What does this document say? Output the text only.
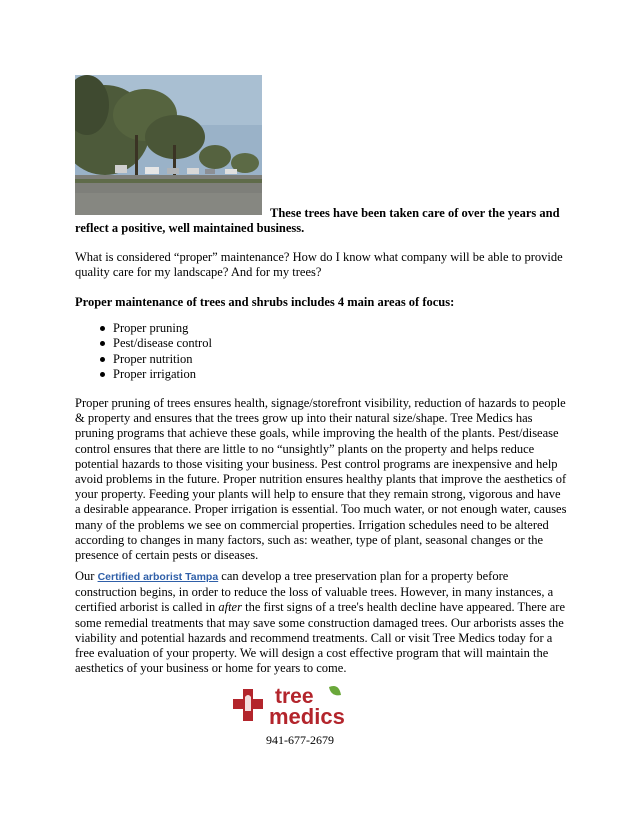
These trees have been taken care of over the years and
reflect a positive, well maintained business.

What is considered “proper” maintenance? How do I know what company will be able to provide quality care for my landscape? And for my trees?

Proper maintenance of trees and shrubs includes 4 main areas of focus:
Proper pruning
Pest/disease control
Proper nutrition
Proper irrigation

Proper pruning of trees ensures health, signage/storefront visibility, reduction of hazards to people & property and ensures that the trees grow up into their natural size/shape. Tree Medics has pruning programs that achieve these goals, while improving the health of the plants. Pest/disease control ensures that there are little to no “unsightly” plants on the property and helps reduce potential hazards to those visiting your business. Pest control programs are inexpensive and help avoid problems in the future. Proper nutrition ensures healthy plants that improve the aesthetics of your property. Feeding your plants will help to ensure that they remain strong, vigorous and have a desirable appearance. Proper irrigation is essential. Too much water, or not enough water, causes many of the problems we see on commercial properties. Irrigation schedules need to be altered according to changes in many factors, such as: weather, type of plant, seasonal changes or the presence of certain pests or diseases.

Our Certified arborist Tampa can develop a tree preservation plan for a property before construction begins, in order to reduce the loss of valuable trees. However, in many instances, a certified arborist is called in after the first signs of a tree's health decline have appeared. There are some remedial treatments that may save some construction damaged trees. Our arborists asses the viability and potential hazards and recommend treatments. Call or visit Tree Medics today for a free evaluation of your property. We will design a cost effective program that will maintain the aesthetics of your business or home for years to come.

tree
medics
941-677-2679
